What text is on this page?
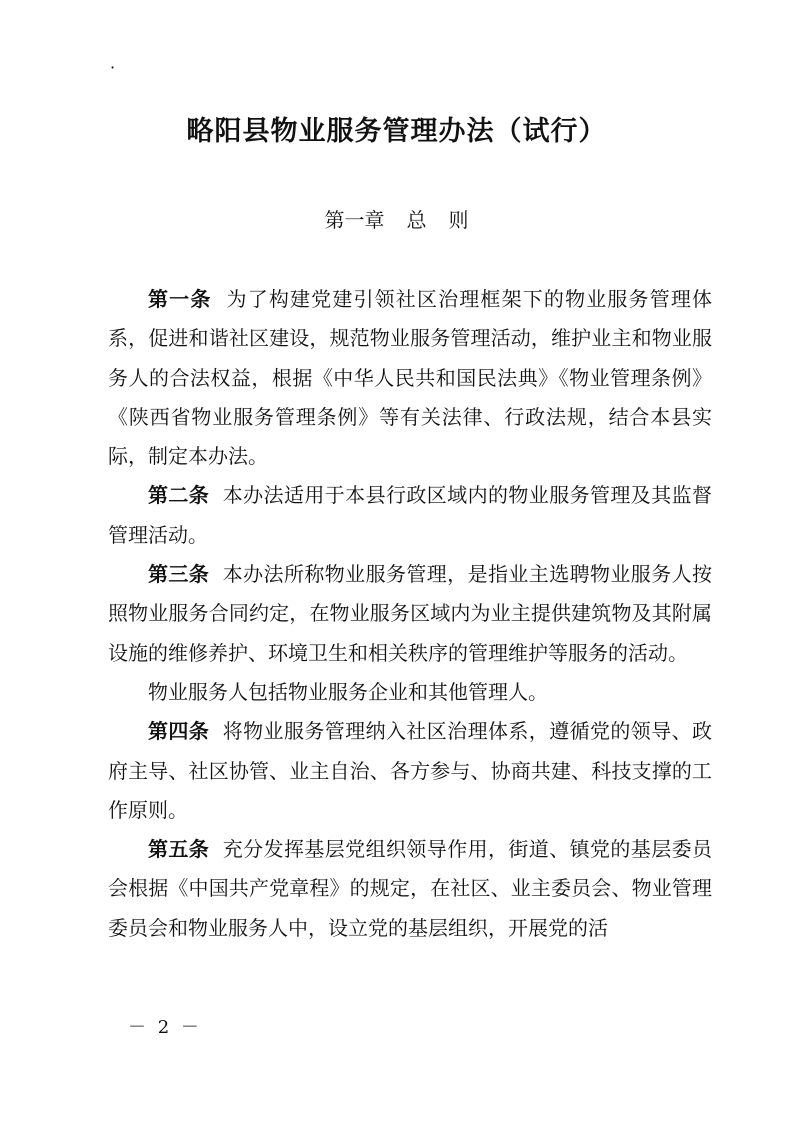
·
略阳县物业服务管理办法（试行）
第一章 总 则

第一条 为了构建党建引领社区治理框架下的物业服务管理体系，促进和谐社区建设，规范物业服务管理活动，维护业主和物业服务人的合法权益，根据《中华人民共和国民法典》《物业管理条例》《陕西省物业服务管理条例》等有关法律、行政法规，结合本县实际，制定本办法。

第二条 本办法适用于本县行政区域内的物业服务管理及其监督管理活动。

第三条 本办法所称物业服务管理，是指业主选聘物业服务人按照物业服务合同约定，在物业服务区域内为业主提供建筑物及其附属设施的维修养护、环境卫生和相关秩序的管理维护等服务的活动。

物业服务人包括物业服务企业和其他管理人。

第四条 将物业服务管理纳入社区治理体系，遵循党的领导、政府主导、社区协管、业主自治、各方参与、协商共建、科技支撑的工作原则。

第五条 充分发挥基层党组织领导作用，街道、镇党的基层委员会根据《中国共产党章程》的规定，在社区、业主委员会、物业管理委员会和物业服务人中，设立党的基层组织，开展党的活

－ 2 －
